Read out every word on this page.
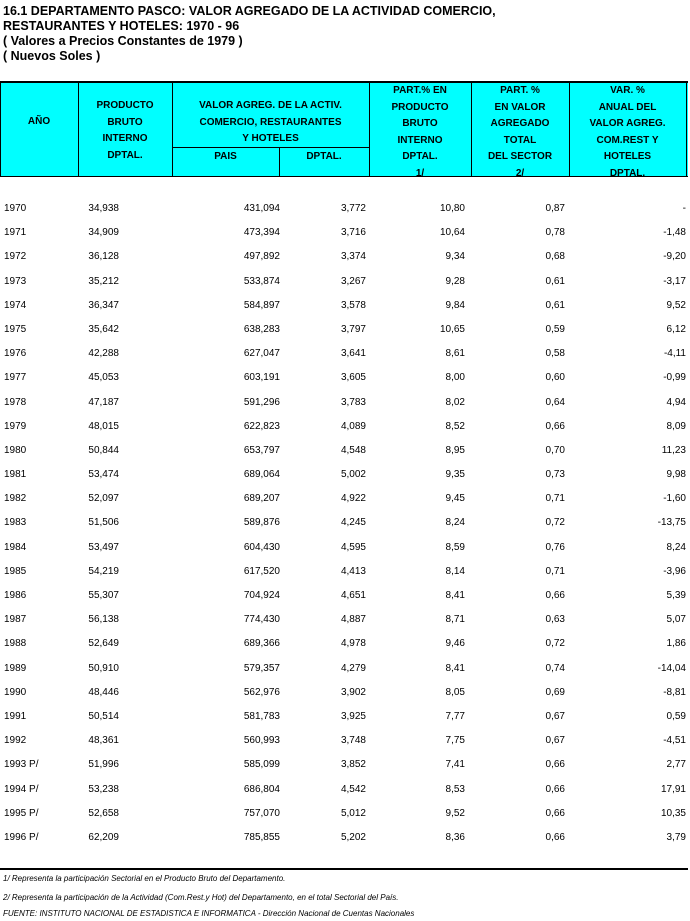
16.1 DEPARTAMENTO PASCO: VALOR AGREGADO DE LA ACTIVIDAD COMERCIO,
RESTAURANTES Y HOTELES: 1970 - 96
( Valores a Precios Constantes de 1979 )
( Nuevos Soles )
AÑO
PRODUCTO
BRUTO
INTERNO
DPTAL.
VALOR AGREG. DE LA ACTIV.
COMERCIO, RESTAURANTES
Y HOTELES
PAIS	DPTAL.
PART.% EN
PRODUCTO
BRUTO
INTERNO
DPTAL.
1/
PART. %
EN VALOR
AGREGADO
TOTAL
DEL SECTOR
2/
VAR. %
ANUAL DEL
VALOR AGREG.
COM.REST Y
HOTELES
DPTAL.
1970	34,938	431,094	3,772	10,80	0,87	-
1971	34,909	473,394	3,716	10,64	0,78	-1,48
1972	36,128	497,892	3,374	9,34	0,68	-9,20
1973	35,212	533,874	3,267	9,28	0,61	-3,17
1974	36,347	584,897	3,578	9,84	0,61	9,52
1975	35,642	638,283	3,797	10,65	0,59	6,12
1976	42,288	627,047	3,641	8,61	0,58	-4,11
1977	45,053	603,191	3,605	8,00	0,60	-0,99
1978	47,187	591,296	3,783	8,02	0,64	4,94
1979	48,015	622,823	4,089	8,52	0,66	8,09
1980	50,844	653,797	4,548	8,95	0,70	11,23
1981	53,474	689,064	5,002	9,35	0,73	9,98
1982	52,097	689,207	4,922	9,45	0,71	-1,60
1983	51,506	589,876	4,245	8,24	0,72	-13,75
1984	53,497	604,430	4,595	8,59	0,76	8,24
1985	54,219	617,520	4,413	8,14	0,71	-3,96
1986	55,307	704,924	4,651	8,41	0,66	5,39
1987	56,138	774,430	4,887	8,71	0,63	5,07
1988	52,649	689,366	4,978	9,46	0,72	1,86
1989	50,910	579,357	4,279	8,41	0,74	-14,04
1990	48,446	562,976	3,902	8,05	0,69	-8,81
1991	50,514	581,783	3,925	7,77	0,67	0,59
1992	48,361	560,993	3,748	7,75	0,67	-4,51
1993 P/	51,996	585,099	3,852	7,41	0,66	2,77
1994 P/	53,238	686,804	4,542	8,53	0,66	17,91
1995 P/	52,658	757,070	5,012	9,52	0,66	10,35
1996 P/	62,209	785,855	5,202	8,36	0,66	3,79
1/ Representa la participación Sectorial en el Producto Bruto del Departamento.
2/ Representa la participación de la Actividad (Com.Rest.y Hot) del Departamento, en el total Sectorial del País.
FUENTE: INSTITUTO NACIONAL DE ESTADISTICA E INFORMATICA - Dirección Nacional de Cuentas Nacionales
